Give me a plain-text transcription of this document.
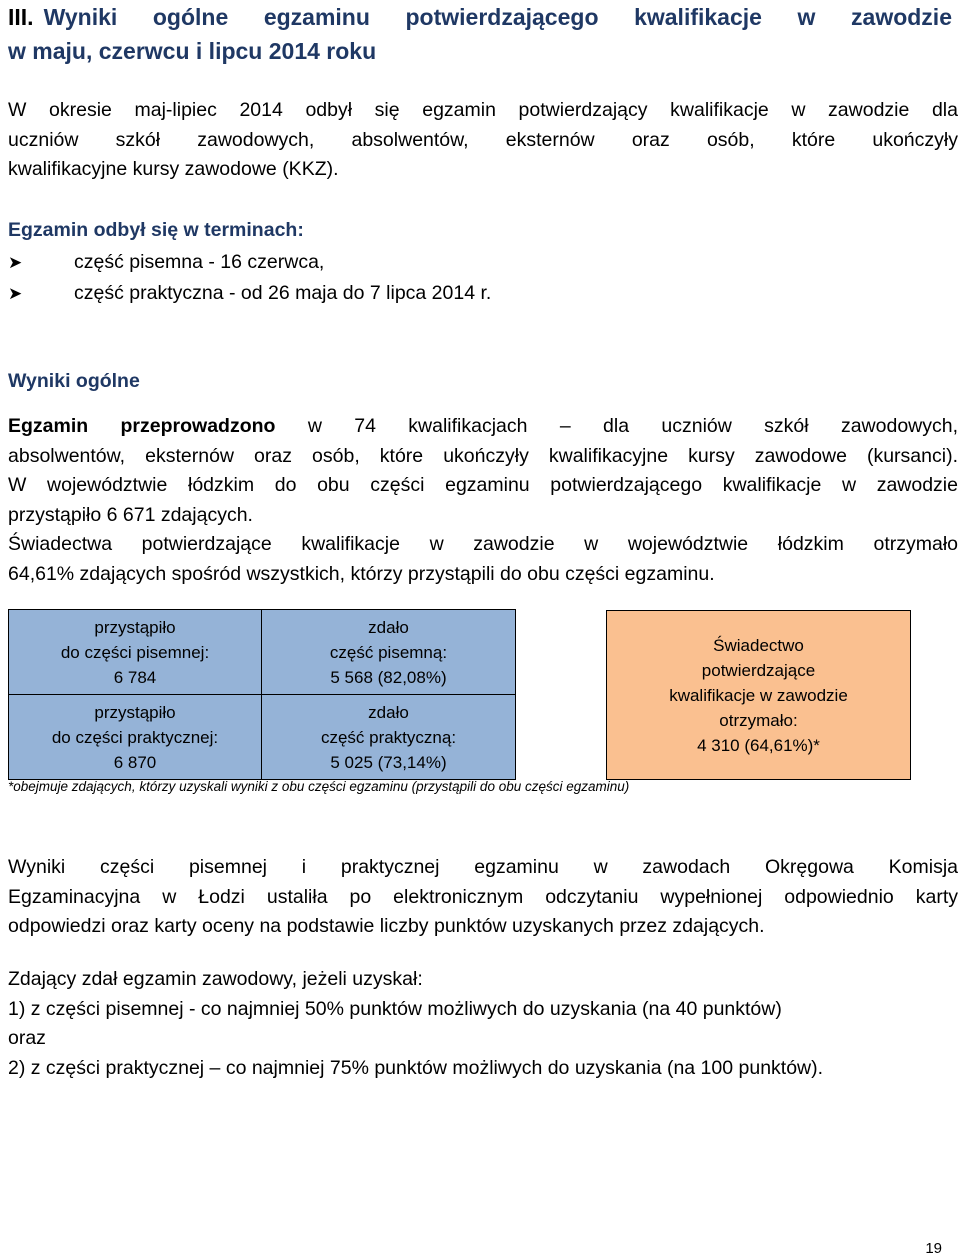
III. Wyniki ogólne egzaminu potwierdzającego kwalifikacje w zawodzie
w maju, czerwcu i lipcu 2014 roku
W okresie maj-lipiec 2014 odbył się egzamin potwierdzający kwalifikacje w zawodzie dla
uczniów szkół zawodowych, absolwentów, eksternów oraz osób, które ukończyły
kwalifikacyjne kursy zawodowe (KKZ).
Egzamin odbył się w terminach:
➤	część pisemna - 16 czerwca,
➤	część praktyczna - od 26 maja do 7 lipca 2014 r.
Wyniki ogólne
Egzamin przeprowadzono w 74 kwalifikacjach – dla uczniów szkół zawodowych,
absolwentów, eksternów oraz osób, które ukończyły kwalifikacyjne kursy zawodowe (kursanci).
W województwie łódzkim do obu części egzaminu potwierdzającego kwalifikacje w zawodzie
przystąpiło 6 671 zdających.
Świadectwa potwierdzające kwalifikacje w zawodzie w województwie łódzkim otrzymało
64,61% zdających spośród wszystkich, którzy przystąpili do obu części egzaminu.
przystąpiło
do części pisemnej:
6 784
zdało
część pisemną:
5 568 (82,08%)
przystąpiło
do części praktycznej:
6 870
zdało
część praktyczną:
5 025 (73,14%)
Świadectwo
potwierdzające
kwalifikacje w zawodzie
otrzymało:
4 310 (64,61%)*
*obejmuje zdających, którzy uzyskali wyniki z obu części egzaminu (przystąpili do obu części egzaminu)
Wyniki części pisemnej i praktycznej egzaminu w zawodach Okręgowa Komisja
Egzaminacyjna w Łodzi ustaliła po elektronicznym odczytaniu wypełnionej odpowiednio karty
odpowiedzi oraz karty oceny na podstawie liczby punktów uzyskanych przez zdających.
Zdający zdał egzamin zawodowy, jeżeli uzyskał:
1) z części pisemnej - co najmniej 50% punktów możliwych do uzyskania (na 40 punktów)
oraz
2) z części praktycznej – co najmniej 75% punktów możliwych do uzyskania (na 100 punktów).
19
